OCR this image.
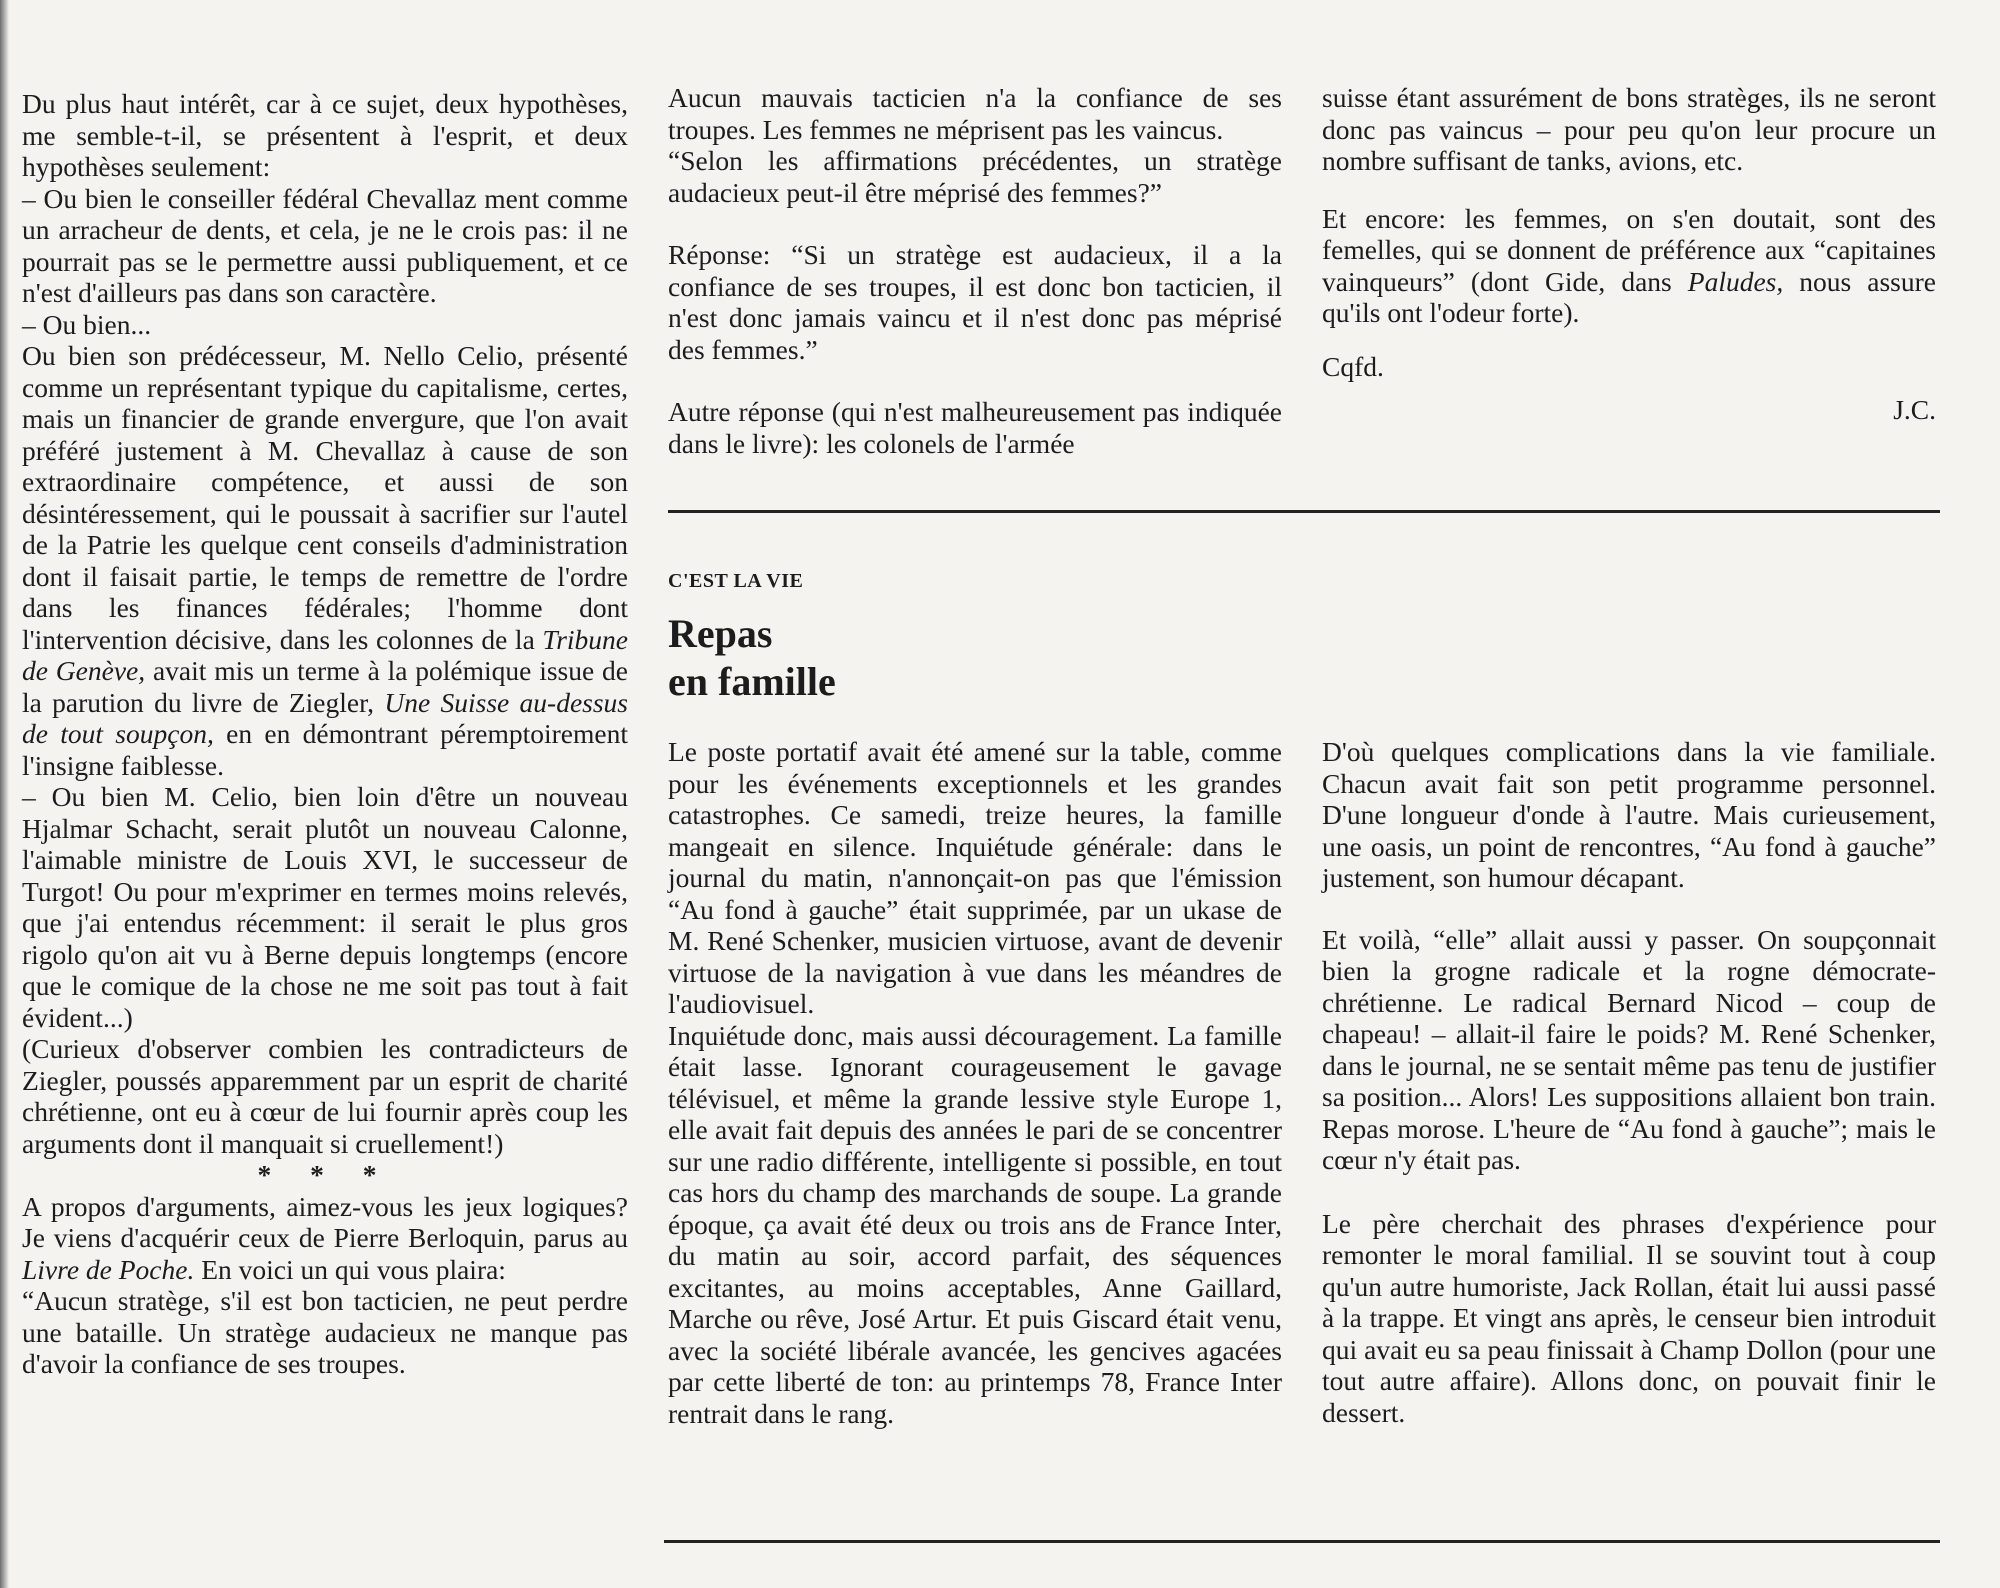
Du plus haut intérêt, car à ce sujet, deux hypothèses, me semble-t-il, se présentent à l'esprit, et deux hypothèses seulement:

– Ou bien le conseiller fédéral Chevallaz ment comme un arracheur de dents, et cela, je ne le crois pas: il ne pourrait pas se le permettre aussi publiquement, et ce n'est d'ailleurs pas dans son caractère.

– Ou bien...

Ou bien son prédécesseur, M. Nello Celio, présenté comme un représentant typique du capitalisme, certes, mais un financier de grande envergure, que l'on avait préféré justement à M. Chevallaz à cause de son extraordinaire compétence, et aussi de son désintéressement, qui le poussait à sacrifier sur l'autel de la Patrie les quelque cent conseils d'administration dont il faisait partie, le temps de remettre de l'ordre dans les finances fédérales; l'homme dont l'intervention décisive, dans les colonnes de la Tribune de Genève, avait mis un terme à la polémique issue de la parution du livre de Ziegler, Une Suisse au-dessus de tout soupçon, en en démontrant péremptoirement l'insigne faiblesse.

– Ou bien M. Celio, bien loin d'être un nouveau Hjalmar Schacht, serait plutôt un nouveau Calonne, l'aimable ministre de Louis XVI, le successeur de Turgot! Ou pour m'exprimer en termes moins relevés, que j'ai entendus récemment: il serait le plus gros rigolo qu'on ait vu à Berne depuis longtemps (encore que le comique de la chose ne me soit pas tout à fait évident...)

(Curieux d'observer combien les contradicteurs de Ziegler, poussés apparemment par un esprit de charité chrétienne, ont eu à cœur de lui fournir après coup les arguments dont il manquait si cruellement!)

* * *

A propos d'arguments, aimez-vous les jeux logiques? Je viens d'acquérir ceux de Pierre Berloquin, parus au Livre de Poche. En voici un qui vous plaira:

“Aucun stratège, s'il est bon tacticien, ne peut perdre une bataille. Un stratège audacieux ne manque pas d'avoir la confiance de ses troupes.

Aucun mauvais tacticien n'a la confiance de ses troupes. Les femmes ne méprisent pas les vaincus.

“Selon les affirmations précédentes, un stratège audacieux peut-il être méprisé des femmes?”

Réponse: “Si un stratège est audacieux, il a la confiance de ses troupes, il est donc bon tacticien, il n'est donc jamais vaincu et il n'est donc pas méprisé des femmes.”

Autre réponse (qui n'est malheureusement pas indiquée dans le livre): les colonels de l'armée

suisse étant assurément de bons stratèges, ils ne seront donc pas vaincus – pour peu qu'on leur procure un nombre suffisant de tanks, avions, etc.

Et encore: les femmes, on s'en doutait, sont des femelles, qui se donnent de préférence aux “capitaines vainqueurs” (dont Gide, dans Paludes, nous assure qu'ils ont l'odeur forte).

Cqfd.

J.C.

C'EST LA VIE
Repas
en famille

Le poste portatif avait été amené sur la table, comme pour les événements exceptionnels et les grandes catastrophes. Ce samedi, treize heures, la famille mangeait en silence. Inquiétude générale: dans le journal du matin, n'annonçait-on pas que l'émission “Au fond à gauche” était supprimée, par un ukase de M. René Schenker, musicien virtuose, avant de devenir virtuose de la navigation à vue dans les méandres de l'audiovisuel.

Inquiétude donc, mais aussi découragement. La famille était lasse. Ignorant courageusement le gavage télévisuel, et même la grande lessive style Europe 1, elle avait fait depuis des années le pari de se concentrer sur une radio différente, intelligente si possible, en tout cas hors du champ des marchands de soupe. La grande époque, ça avait été deux ou trois ans de France Inter, du matin au soir, accord parfait, des séquences excitantes, au moins acceptables, Anne Gaillard, Marche ou rêve, José Artur. Et puis Giscard était venu, avec la société libérale avancée, les gencives agacées par cette liberté de ton: au printemps 78, France Inter rentrait dans le rang.

D'où quelques complications dans la vie familiale. Chacun avait fait son petit programme personnel. D'une longueur d'onde à l'autre. Mais curieusement, une oasis, un point de rencontres, “Au fond à gauche” justement, son humour décapant.

Et voilà, “elle” allait aussi y passer. On soupçonnait bien la grogne radicale et la rogne démocrate-chrétienne. Le radical Bernard Nicod – coup de chapeau! – allait-il faire le poids? M. René Schenker, dans le journal, ne se sentait même pas tenu de justifier sa position... Alors! Les suppositions allaient bon train. Repas morose. L'heure de “Au fond à gauche”; mais le cœur n'y était pas.

Le père cherchait des phrases d'expérience pour remonter le moral familial. Il se souvint tout à coup qu'un autre humoriste, Jack Rollan, était lui aussi passé à la trappe. Et vingt ans après, le censeur bien introduit qui avait eu sa peau finissait à Champ Dollon (pour une tout autre affaire). Allons donc, on pouvait finir le dessert.
